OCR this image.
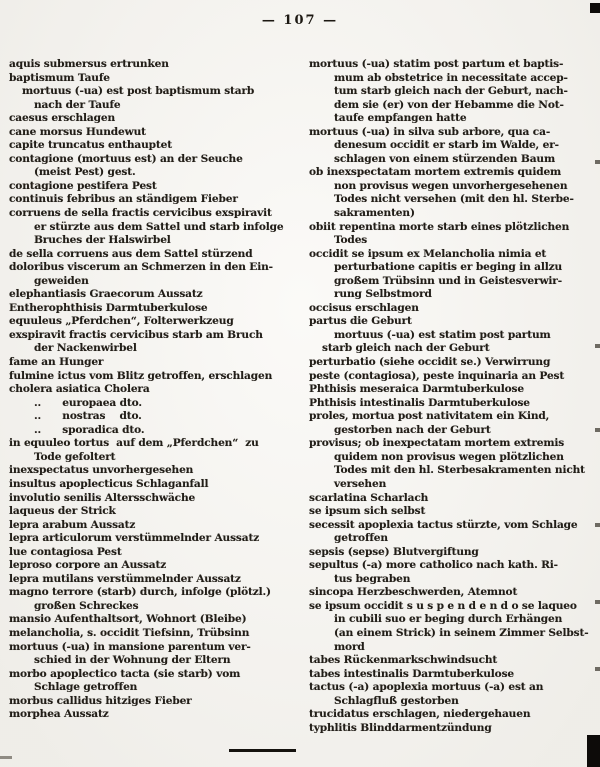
— 107 —
aquis submersus ertrunken
baptismum Taufe
mortuus (-ua) est post baptismum starb
nach der Taufe
caesus erschlagen
cane morsus Hundewut
capite truncatus enthauptet
contagione (mortuus est) an der Seuche
(meist Pest) gest.
contagione pestifera Pest
continuis febribus an ständigem Fieber
corruens de sella fractis cervicibus exspiravit
er stürzte aus dem Sattel und starb infolge
Bruches der Halswirbel
de sella corruens aus dem Sattel stürzend
doloribus viscerum an Schmerzen in den Ein-
geweiden
elephantiasis Graecorum Aussatz
Entherophthisis Darmtuberkulose
equuleus „Pferdchen“, Folterwerkzeug
exspiravit fractis cervicibus starb am Bruch
der Nackenwirbel
fame an Hunger
fulmine ictus vom Blitz getroffen, erschlagen
cholera asiatica Cholera
..      europaea dto.
..      nostras    dto.
..      sporadica dto.
in equuleo tortus  auf dem „Pferdchen“  zu
Tode gefoltert
inexspectatus unvorhergesehen
insultus apoplecticus Schlaganfall
involutio senilis Altersschwäche
laqueus der Strick
lepra arabum Aussatz
lepra articulorum verstümmelnder Aussatz
lue contagiosa Pest
leproso corpore an Aussatz
lepra mutilans verstümmelnder Aussatz
magno terrore (starb) durch, infolge (plötzl.)
großen Schreckes
mansio Aufenthaltsort, Wohnort (Bleibe)
melancholia, s. occidit Tiefsinn, Trübsinn
mortuus (-ua) in mansione parentum ver-
schied in der Wohnung der Eltern
morbo apoplectico tacta (sie starb) vom
Schlage getroffen
morbus callidus hitziges Fieber
morphea Aussatz
mortuus (-ua) statim post partum et baptis-
mum ab obstetrice in necessitate accep-
tum starb gleich nach der Geburt, nach-
dem sie (er) von der Hebamme die Not-
taufe empfangen hatte
mortuus (-ua) in silva sub arbore, qua ca-
denesum occidit er starb im Walde, er-
schlagen von einem stürzenden Baum
ob inexspectatam mortem extremis quidem
non provisus wegen unvorhergesehenen
Todes nicht versehen (mit den hl. Sterbe-
sakramenten)
obiit repentina morte starb eines plötzlichen
Todes
occidit se ipsum ex Melancholia nimia et
perturbatione capitis er beging in allzu
großem Trübsinn und in Geistesverwir-
rung Selbstmord
occisus erschlagen
partus die Geburt
mortuus (-ua) est statim post partum
starb gleich nach der Geburt
perturbatio (siehe occidit se.) Verwirrung
peste (contagiosa), peste inquinaria an Pest
Phthisis meseraica Darmtuberkulose
Phthisis intestinalis Darmtuberkulose
proles, mortua post nativitatem ein Kind,
gestorben nach der Geburt
provisus; ob inexpectatam mortem extremis
quidem non provisus wegen plötzlichen
Todes mit den hl. Sterbesakramenten nicht
versehen
scarlatina Scharlach
se ipsum sich selbst
secessit apoplexia tactus stürzte, vom Schlage
getroffen
sepsis (sepse) Blutvergiftung
sepultus (-a) more catholico nach kath. Ri-
tus begraben
sincopa Herzbeschwerden, Atemnot
se ipsum occidit s u s p e n d e n d o se laqueo
in cubili suo er beging durch Erhängen
(an einem Strick) in seinem Zimmer Selbst-
mord
tabes Rückenmarkschwindsucht
tabes intestinalis Darmtuberkulose
tactus (-a) apoplexia mortuus (-a) est an
Schlagfluß gestorben
trucidatus erschlagen, niedergehauen
typhlitis Blinddarmentzündung
